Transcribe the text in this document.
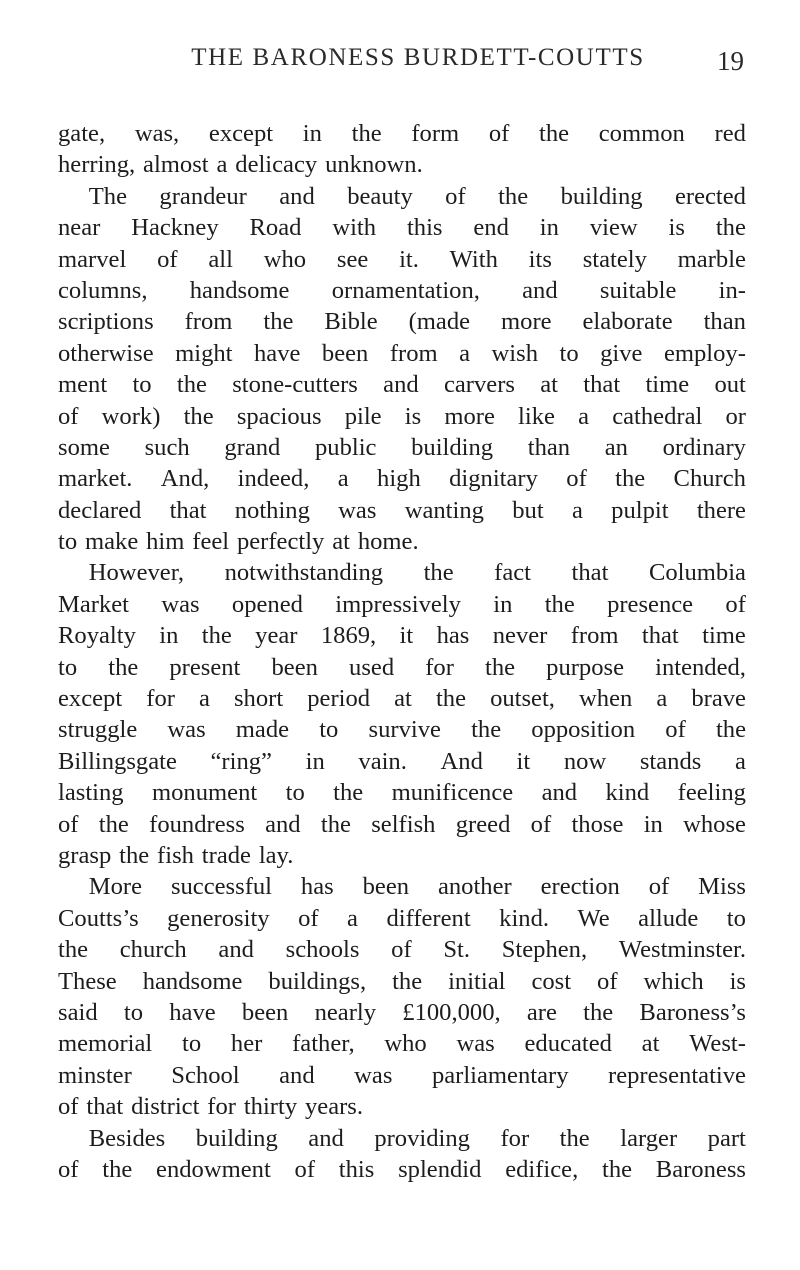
THE BARONESS BURDETT-COUTTS	19
gate, was, except in the form of the common red
herring, almost a delicacy unknown.
The grandeur and beauty of the building erected
near Hackney Road with this end in view is the
marvel of all who see it. With its stately marble
columns, handsome ornamentation, and suitable in-
scriptions from the Bible (made more elaborate than
otherwise might have been from a wish to give employ-
ment to the stone-cutters and carvers at that time out
of work) the spacious pile is more like a cathedral or
some such grand public building than an ordinary
market. And, indeed, a high dignitary of the Church
declared that nothing was wanting but a pulpit there
to make him feel perfectly at home.
However, notwithstanding the fact that Columbia
Market was opened impressively in the presence of
Royalty in the year 1869, it has never from that time
to the present been used for the purpose intended,
except for a short period at the outset, when a brave
struggle was made to survive the opposition of the
Billingsgate “ring” in vain. And it now stands a
lasting monument to the munificence and kind feeling
of the foundress and the selfish greed of those in whose
grasp the fish trade lay.
More successful has been another erection of Miss
Coutts’s generosity of a different kind. We allude to
the church and schools of St. Stephen, Westminster.
These handsome buildings, the initial cost of which is
said to have been nearly £100,000, are the Baroness’s
memorial to her father, who was educated at West-
minster School and was parliamentary representative
of that district for thirty years.
Besides building and providing for the larger part
of the endowment of this splendid edifice, the Baroness
